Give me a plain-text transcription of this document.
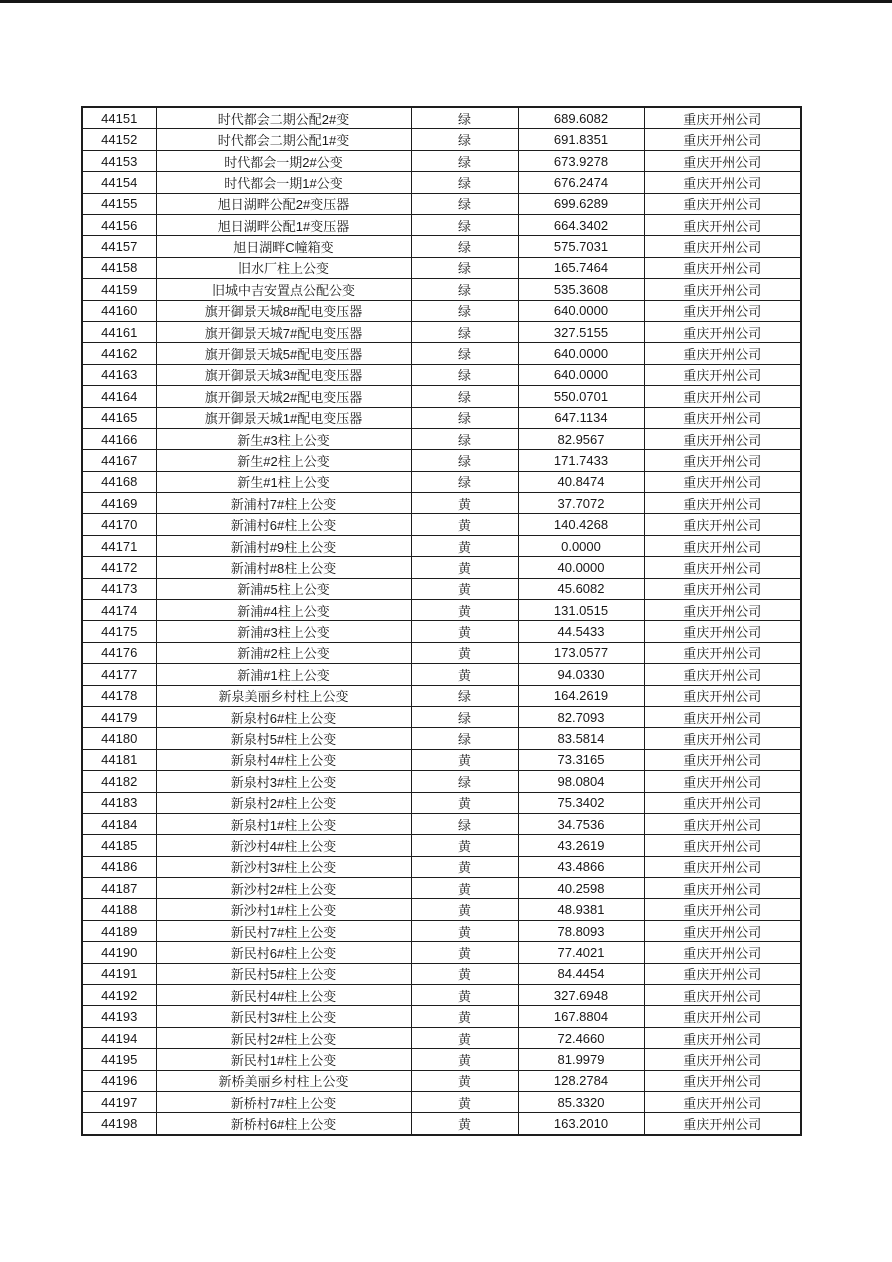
44151	时代都会二期公配2#变	绿	689.6082	重庆开州公司
44152	时代都会二期公配1#变	绿	691.8351	重庆开州公司
44153	时代都会一期2#公变	绿	673.9278	重庆开州公司
44154	时代都会一期1#公变	绿	676.2474	重庆开州公司
44155	旭日湖畔公配2#变压器	绿	699.6289	重庆开州公司
44156	旭日湖畔公配1#变压器	绿	664.3402	重庆开州公司
44157	旭日湖畔C幢箱变	绿	575.7031	重庆开州公司
44158	旧水厂柱上公变	绿	165.7464	重庆开州公司
44159	旧城中吉安置点公配公变	绿	535.3608	重庆开州公司
44160	旗开御景天城8#配电变压器	绿	640.0000	重庆开州公司
44161	旗开御景天城7#配电变压器	绿	327.5155	重庆开州公司
44162	旗开御景天城5#配电变压器	绿	640.0000	重庆开州公司
44163	旗开御景天城3#配电变压器	绿	640.0000	重庆开州公司
44164	旗开御景天城2#配电变压器	绿	550.0701	重庆开州公司
44165	旗开御景天城1#配电变压器	绿	647.1134	重庆开州公司
44166	新生#3柱上公变	绿	82.9567	重庆开州公司
44167	新生#2柱上公变	绿	171.7433	重庆开州公司
44168	新生#1柱上公变	绿	40.8474	重庆开州公司
44169	新浦村7#柱上公变	黄	37.7072	重庆开州公司
44170	新浦村6#柱上公变	黄	140.4268	重庆开州公司
44171	新浦村#9柱上公变	黄	0.0000	重庆开州公司
44172	新浦村#8柱上公变	黄	40.0000	重庆开州公司
44173	新浦#5柱上公变	黄	45.6082	重庆开州公司
44174	新浦#4柱上公变	黄	131.0515	重庆开州公司
44175	新浦#3柱上公变	黄	44.5433	重庆开州公司
44176	新浦#2柱上公变	黄	173.0577	重庆开州公司
44177	新浦#1柱上公变	黄	94.0330	重庆开州公司
44178	新泉美丽乡村柱上公变	绿	164.2619	重庆开州公司
44179	新泉村6#柱上公变	绿	82.7093	重庆开州公司
44180	新泉村5#柱上公变	绿	83.5814	重庆开州公司
44181	新泉村4#柱上公变	黄	73.3165	重庆开州公司
44182	新泉村3#柱上公变	绿	98.0804	重庆开州公司
44183	新泉村2#柱上公变	黄	75.3402	重庆开州公司
44184	新泉村1#柱上公变	绿	34.7536	重庆开州公司
44185	新沙村4#柱上公变	黄	43.2619	重庆开州公司
44186	新沙村3#柱上公变	黄	43.4866	重庆开州公司
44187	新沙村2#柱上公变	黄	40.2598	重庆开州公司
44188	新沙村1#柱上公变	黄	48.9381	重庆开州公司
44189	新民村7#柱上公变	黄	78.8093	重庆开州公司
44190	新民村6#柱上公变	黄	77.4021	重庆开州公司
44191	新民村5#柱上公变	黄	84.4454	重庆开州公司
44192	新民村4#柱上公变	黄	327.6948	重庆开州公司
44193	新民村3#柱上公变	黄	167.8804	重庆开州公司
44194	新民村2#柱上公变	黄	72.4660	重庆开州公司
44195	新民村1#柱上公变	黄	81.9979	重庆开州公司
44196	新桥美丽乡村柱上公变	黄	128.2784	重庆开州公司
44197	新桥村7#柱上公变	黄	85.3320	重庆开州公司
44198	新桥村6#柱上公变	黄	163.2010	重庆开州公司
